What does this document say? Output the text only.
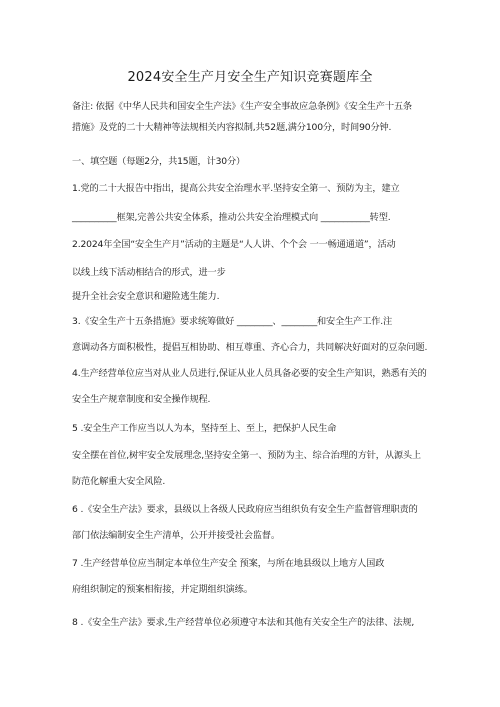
2024安全生产月安全生产知识竞赛题库全
备注: 依据《中华人民共和国安全生产法》《生产安全事故应急条例》《安全生产十五条
措施》及党的二十大精神等法规相关内容拟制,共52题,满分100分，时间90分钟.
一、填空题（每题2分，共15题，计30分）
1.党的二十大报告中指出，提高公共安全治理水平.坚持安全第一、预防为主，建立
__________框架,完善公共安全体系，推动公共安全治理模式向 ___________转型.
2.2024年全国“安全生产月”活动的主题是“人人讲、个个会 一一畅通通道”，活动
以线上线下活动相结合的形式，进一步
提升全社会安全意识和避险逃生能力.
3.《安全生产十五条措施》要求统筹做好 ________、________和安全生产工作.注
意调动各方面积极性，提倡互相协助、相互尊重、齐心合力，共同解决好面对的豆杂问题.
4.生产经营单位应当对从业人员进行,保证从业人员具备必要的安全生产知识，熟悉有关的
安全生产规章制度和安全操作规程.
5 .安全生产工作应当以人为本，坚持至上、至上，把保护人民生命
安全摆在首位,树牢安全发展理念,坚持安全第一、预防为主、综合治理的方针，从源头上
防范化解重大安全风险.
6 .《安全生产法》要求，县级以上各级人民政府应当组织负有安全生产监督管理职责的
部门依法编制安全生产清单，公开并接受社会监督。
7 .生产经营单位应当制定本单位生产安全 预案，与所在地县级以上地方人国政
府组织制定的预案相衔接，并定期组织演练。
8 .《安全生产法》要求,生产经营单位必须遵守本法和其他有关安全生产的法律、法规,
